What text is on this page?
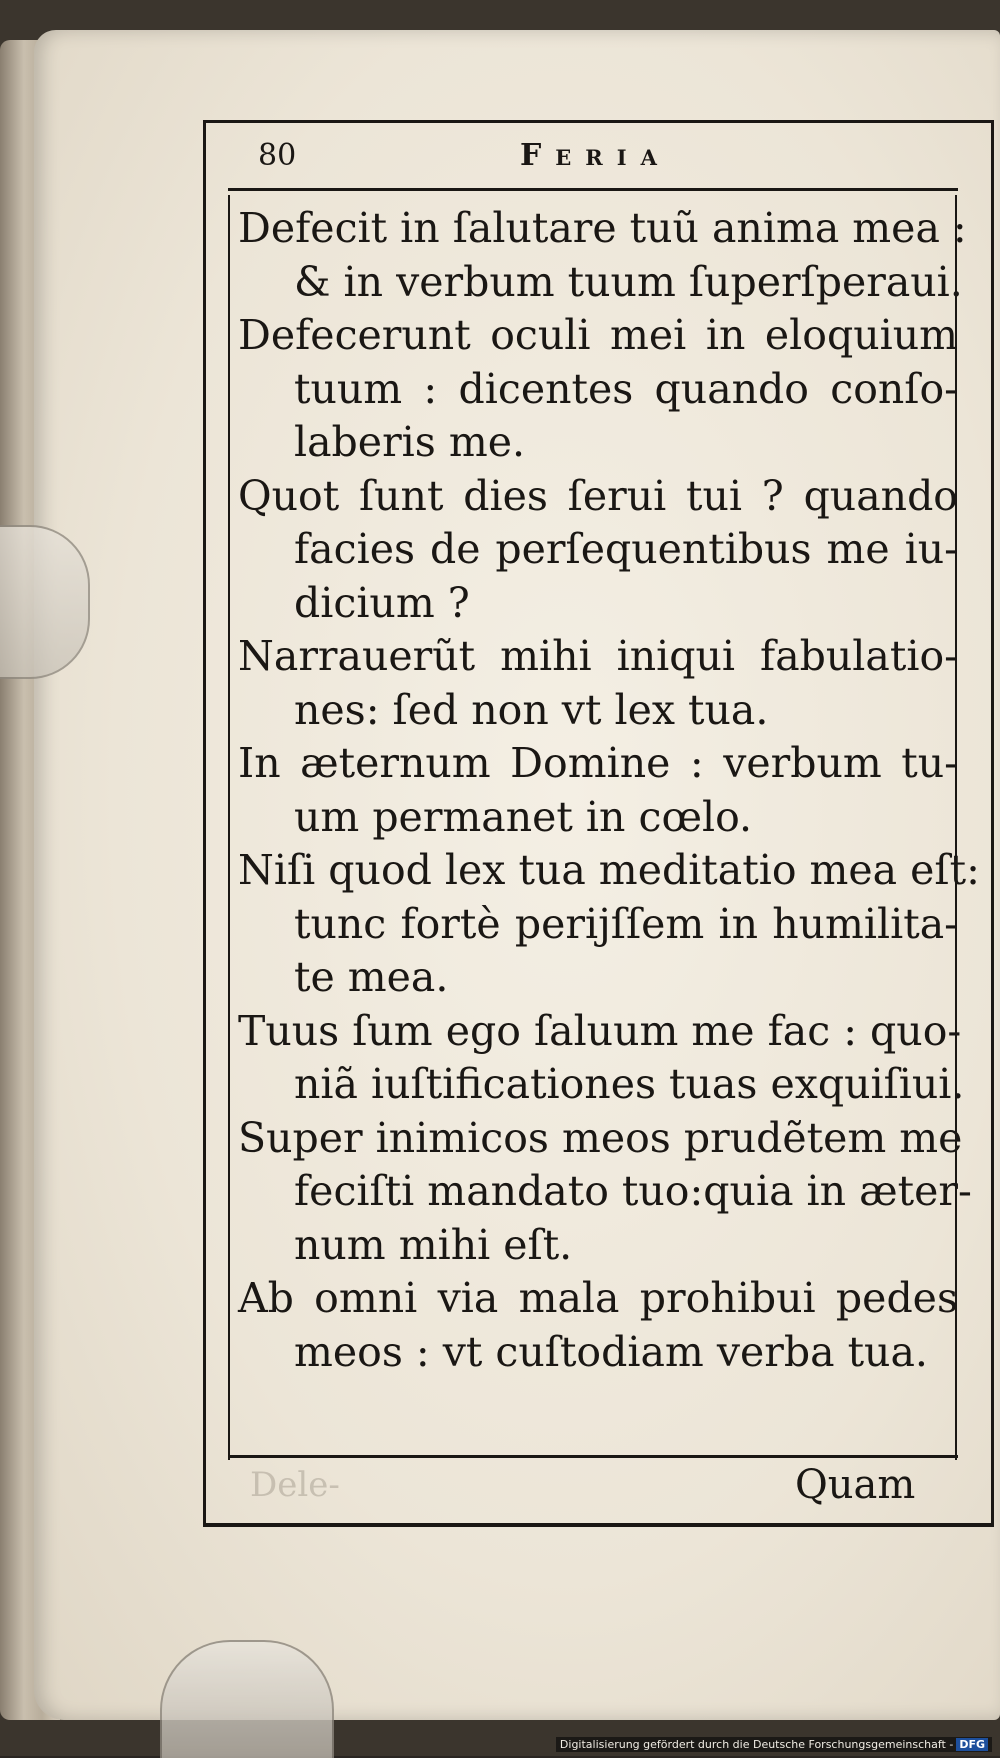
80	Feria
Defecit in ſalutare tuũ anima mea :
& in verbum tuum ſuperſperaui.
Defecerunt oculi mei in eloquium
tuum : dicentes quando conſo-
laberis me.
Quot ſunt dies ſerui tui ? quando
facies de perſequentibus me iu-
dicium ?
Narrauerũt mihi iniqui fabulatio-
nes: ſed non vt lex tua.
In æternum Domine : verbum tu-
um permanet in cœlo.
Niſi quod lex tua meditatio mea eſt:
tunc fortè perijſſem in humilita-
te mea.
Tuus ſum ego ſaluum me fac : quo-
niã iuſtificationes tuas exquiſiui.
Super inimicos meos prudẽtem me
feciſti mandato tuo:quia in æter-
num mihi eſt.
Ab omni via mala prohibui pedes
meos : vt cuſtodiam verba tua.
Dele-	Quam
Digitalisierung gefördert durch die Deutsche Forschungsgemeinschaft - DFG
